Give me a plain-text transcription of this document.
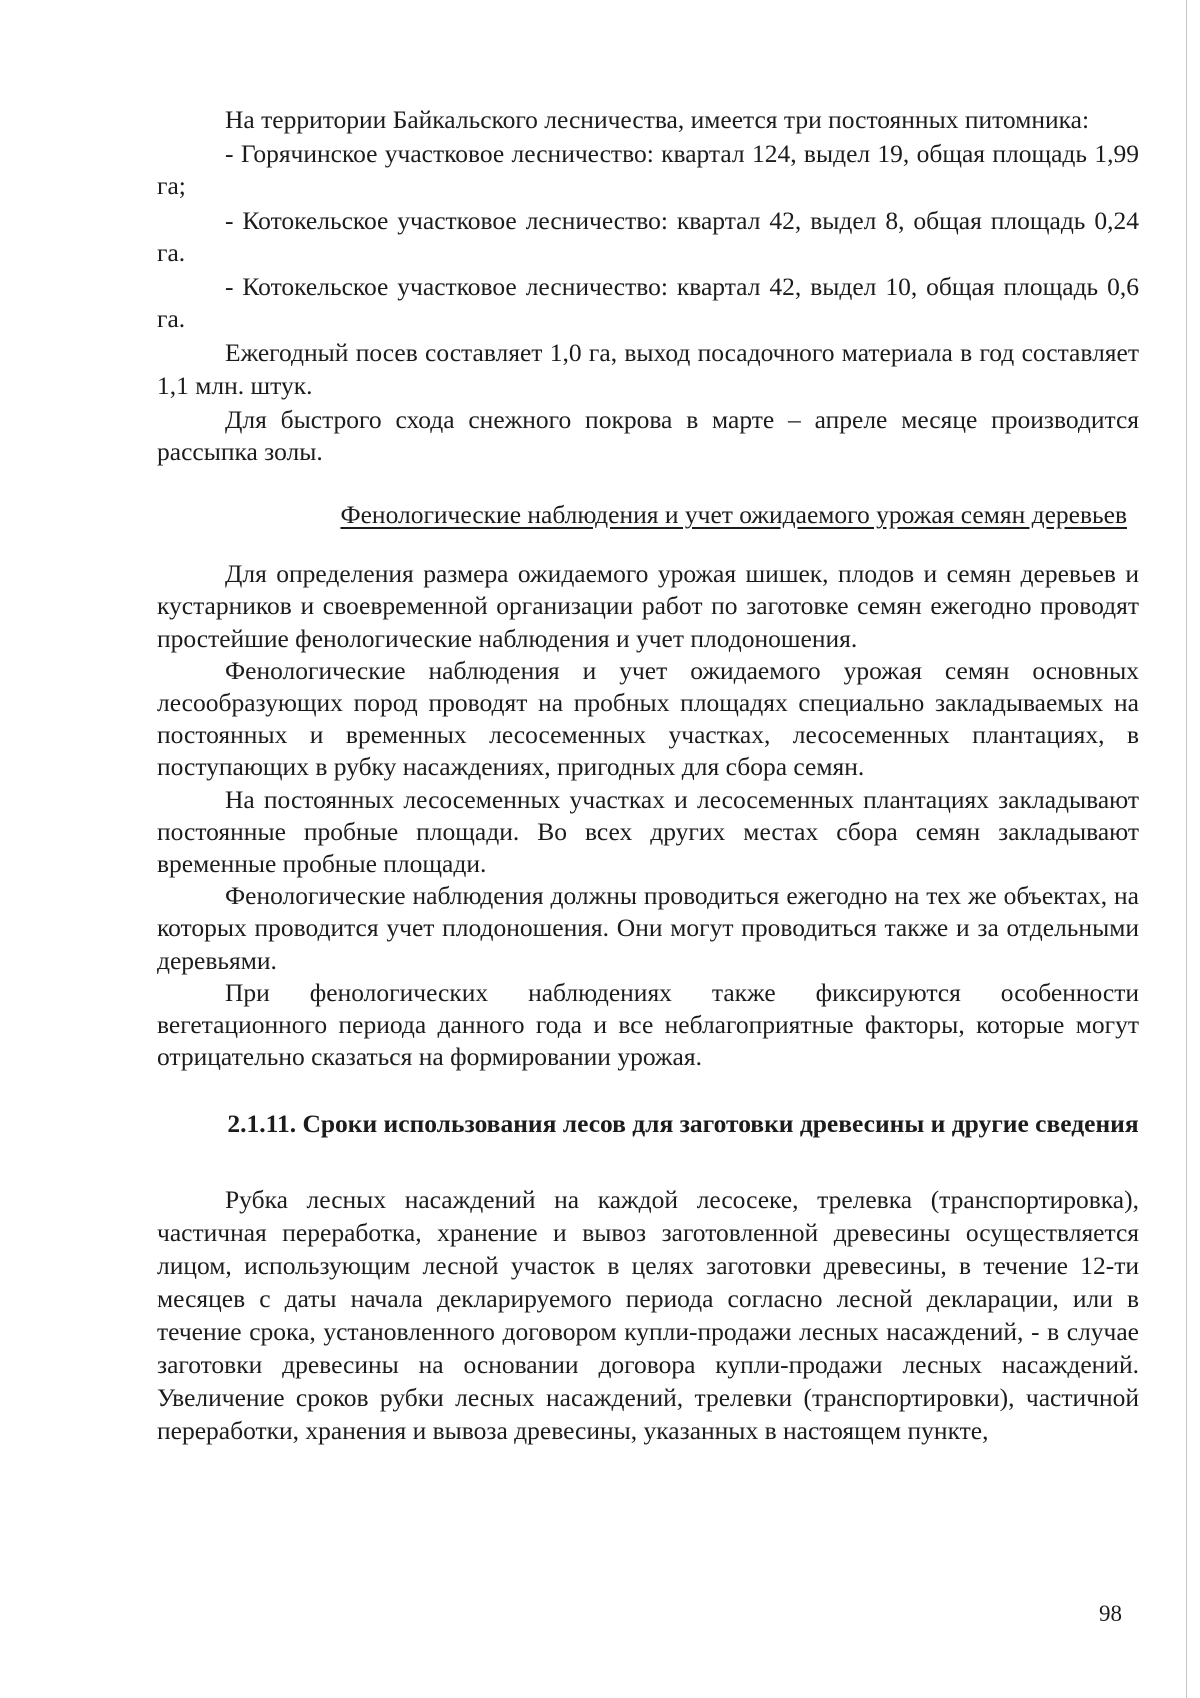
На территории Байкальского лесничества, имеется три постоянных питомника:

- Горячинское участковое лесничество: квартал 124, выдел 19, общая площадь 1,99 га;

- Котокельское участковое лесничество: квартал 42, выдел 8, общая площадь 0,24 га.

- Котокельское участковое лесничество: квартал 42, выдел 10, общая площадь 0,6 га.

Ежегодный посев составляет 1,0 га, выход посадочного материала в год составляет 1,1 млн. штук.

Для быстрого схода снежного покрова в марте – апреле месяце производится рассыпка золы.

Фенологические наблюдения и учет ожидаемого урожая семян деревьев

Для определения размера ожидаемого урожая шишек, плодов и семян деревьев и кустарников и своевременной организации работ по заготовке семян ежегодно проводят простейшие фенологические наблюдения и учет плодоношения.

Фенологические наблюдения и учет ожидаемого урожая семян основных лесообразующих пород проводят на пробных площадях специально закладываемых на постоянных и временных лесосеменных участках, лесосеменных плантациях, в поступающих в рубку насаждениях, пригодных для сбора семян.

На постоянных лесосеменных участках и лесосеменных плантациях закладывают постоянные пробные площади. Во всех других местах сбора семян закладывают временные пробные площади.

Фенологические наблюдения должны проводиться ежегодно на тех же объектах, на которых проводится учет плодоношения. Они могут проводиться также и за отдельными деревьями.

При фенологических наблюдениях также фиксируются особенности вегетационного периода данного года и все неблагоприятные факторы, которые могут отрицательно сказаться на формировании урожая.

2.1.11. Сроки использования лесов для заготовки древесины и другие сведения

Рубка лесных насаждений на каждой лесосеке, трелевка (транспортировка), частичная переработка, хранение и вывоз заготовленной древесины осуществляется лицом, использующим лесной участок в целях заготовки древесины, в течение 12-ти месяцев с даты начала декларируемого периода согласно лесной декларации, или в течение срока, установленного договором купли-продажи лесных насаждений, - в случае заготовки древесины на основании договора купли-продажи лесных насаждений. Увеличение сроков рубки лесных насаждений, трелевки (транспортировки), частичной переработки, хранения и вывоза древесины, указанных в настоящем пункте,

98
